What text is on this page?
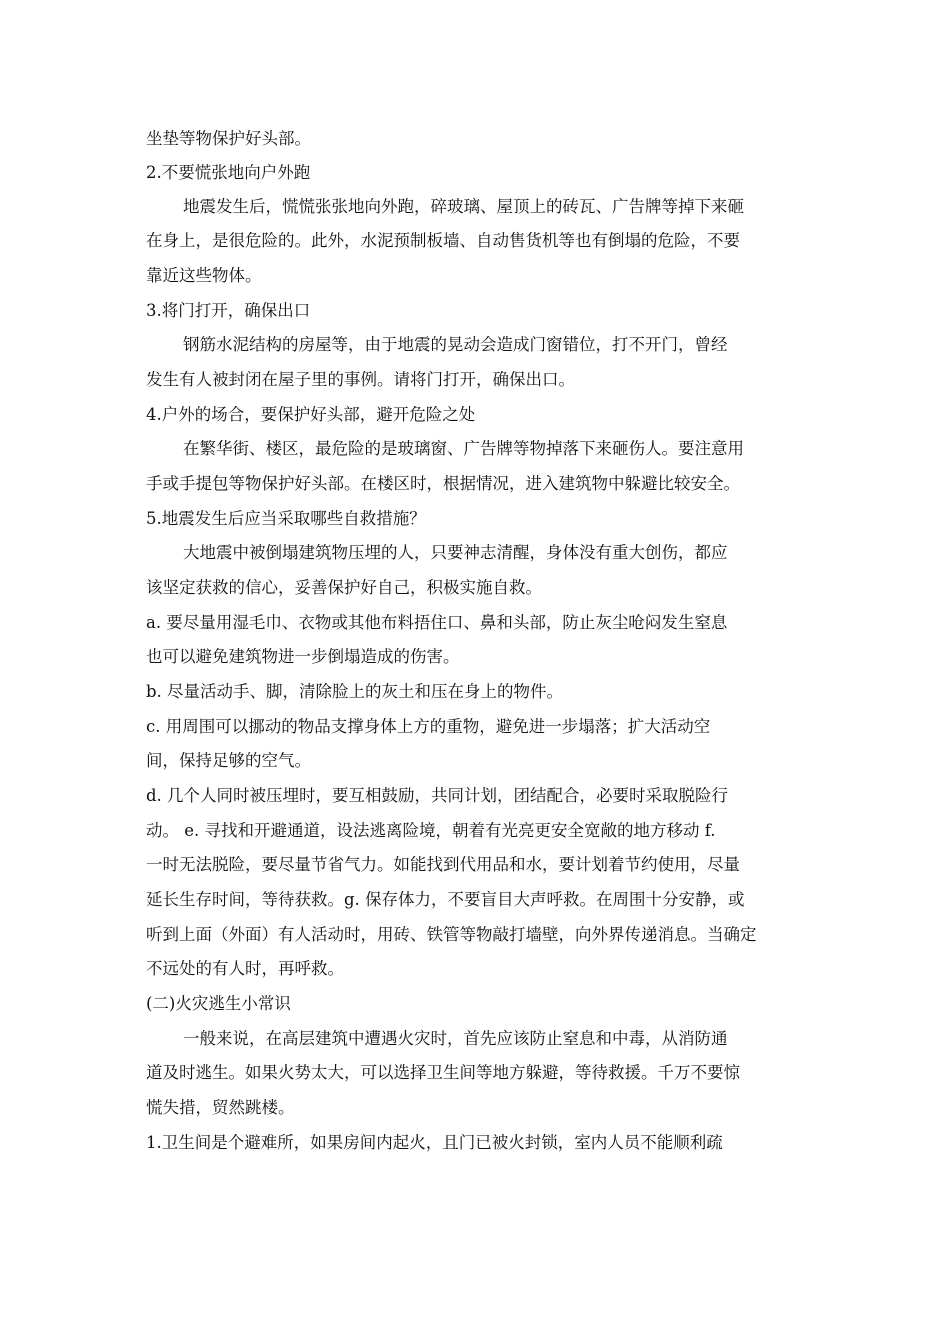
坐垫等物保护好头部。
2.不要慌张地向户外跑
地震发生后，慌慌张张地向外跑，碎玻璃、屋顶上的砖瓦、广告牌等掉下来砸
在身上，是很危险的。此外，水泥预制板墙、自动售货机等也有倒塌的危险，不要
靠近这些物体。
3.将门打开，确保出口
钢筋水泥结构的房屋等，由于地震的晃动会造成门窗错位，打不开门，曾经
发生有人被封闭在屋子里的事例。请将门打开，确保出口。
4.户外的场合，要保护好头部，避开危险之处
在繁华街、楼区，最危险的是玻璃窗、广告牌等物掉落下来砸伤人。要注意用
手或手提包等物保护好头部。在楼区时，根据情况，进入建筑物中躲避比较安全。
5.地震发生后应当采取哪些自救措施？
大地震中被倒塌建筑物压埋的人，只要神志清醒，身体没有重大创伤，都应
该坚定获救的信心，妥善保护好自己，积极实施自救。
a. 要尽量用湿毛巾、衣物或其他布料捂住口、鼻和头部，防止灰尘呛闷发生窒息
也可以避免建筑物进一步倒塌造成的伤害。
b. 尽量活动手、脚，清除脸上的灰土和压在身上的物件。
c. 用周围可以挪动的物品支撑身体上方的重物，避免进一步塌落；扩大活动空
间，保持足够的空气。
d. 几个人同时被压埋时，要互相鼓励，共同计划，团结配合，必要时采取脱险行
动。 e. 寻找和开避通道，设法逃离险境，朝着有光亮更安全宽敞的地方移动 f.
一时无法脱险，要尽量节省气力。如能找到代用品和水，要计划着节约使用，尽量
延长生存时间，等待获救。g. 保存体力，不要盲目大声呼救。在周围十分安静，或
听到上面（外面）有人活动时，用砖、铁管等物敲打墙壁，向外界传递消息。当确定
不远处的有人时，再呼救。
(二)火灾逃生小常识
一般来说，在高层建筑中遭遇火灾时，首先应该防止窒息和中毒，从消防通
道及时逃生。如果火势太大，可以选择卫生间等地方躲避，等待救援。千万不要惊
慌失措，贸然跳楼。
1.卫生间是个避难所，如果房间内起火，且门已被火封锁，室内人员不能顺利疏
